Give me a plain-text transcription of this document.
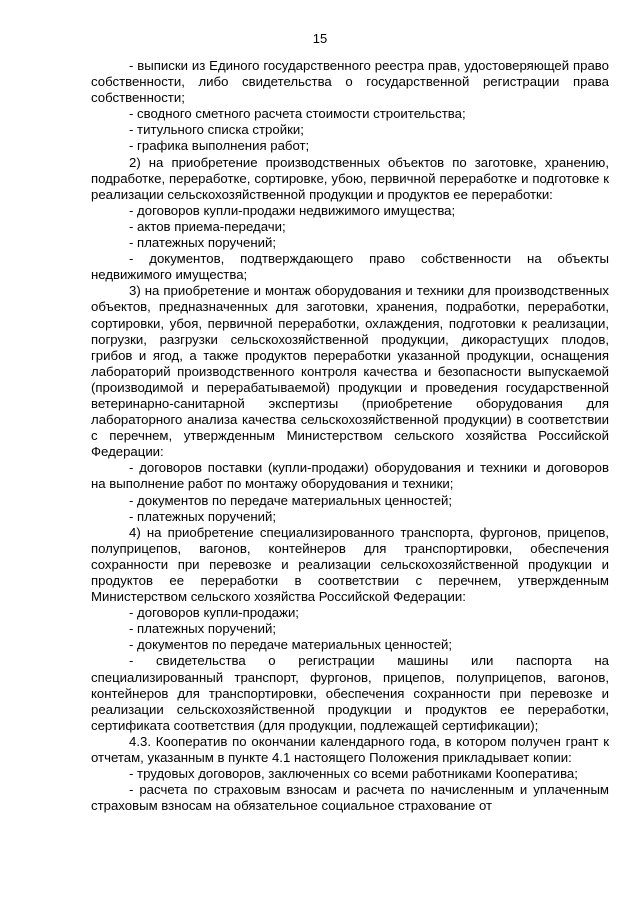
15

- выписки из Единого государственного реестра прав, удостоверяющей право собственности, либо свидетельства о государственной регистрации права собственности;

- сводного сметного расчета стоимости строительства;

- титульного списка стройки;

- графика выполнения работ;

2) на приобретение производственных объектов по заготовке, хранению, подработке, переработке, сортировке, убою, первичной переработке и подготовке к реализации сельскохозяйственной продукции и продуктов ее переработки:

- договоров купли-продажи недвижимого имущества;

- актов приема-передачи;

- платежных поручений;

- документов, подтверждающего право собственности на объекты недвижимого имущества;

3) на приобретение и монтаж оборудования и техники для производственных объектов, предназначенных для заготовки, хранения, подработки, переработки, сортировки, убоя, первичной переработки, охлаждения, подготовки к реализации, погрузки, разгрузки сельскохозяйственной продукции, дикорастущих плодов, грибов и ягод, а также продуктов переработки указанной продукции, оснащения лабораторий производственного контроля качества и безопасности выпускаемой (производимой и перерабатываемой) продукции и проведения государственной ветеринарно-санитарной экспертизы (приобретение оборудования для лабораторного анализа качества сельскохозяйственной продукции) в соответствии с перечнем, утвержденным Министерством сельского хозяйства Российской Федерации:

- договоров поставки (купли-продажи) оборудования и техники и договоров на выполнение работ по монтажу оборудования и техники;

- документов по передаче материальных ценностей;

- платежных поручений;

4) на приобретение специализированного транспорта, фургонов, прицепов, полуприцепов, вагонов, контейнеров для транспортировки, обеспечения сохранности при перевозке и реализации сельскохозяйственной продукции и продуктов ее переработки в соответствии с перечнем, утвержденным Министерством сельского хозяйства Российской Федерации:

- договоров купли-продажи;

- платежных поручений;

- документов по передаче материальных ценностей;

- свидетельства о регистрации машины или паспорта на специализированный транспорт, фургонов, прицепов, полуприцепов, вагонов, контейнеров для транспортировки, обеспечения сохранности при перевозке и реализации сельскохозяйственной продукции и продуктов ее переработки, сертификата соответствия (для продукции, подлежащей сертификации);

4.3. Кооператив по окончании календарного года, в котором получен грант к отчетам, указанным в пункте 4.1 настоящего Положения прикладывает копии:

- трудовых договоров, заключенных со всеми работниками Кооператива;

- расчета по страховым взносам и расчета по начисленным и уплаченным страховым взносам на обязательное социальное страхование от
